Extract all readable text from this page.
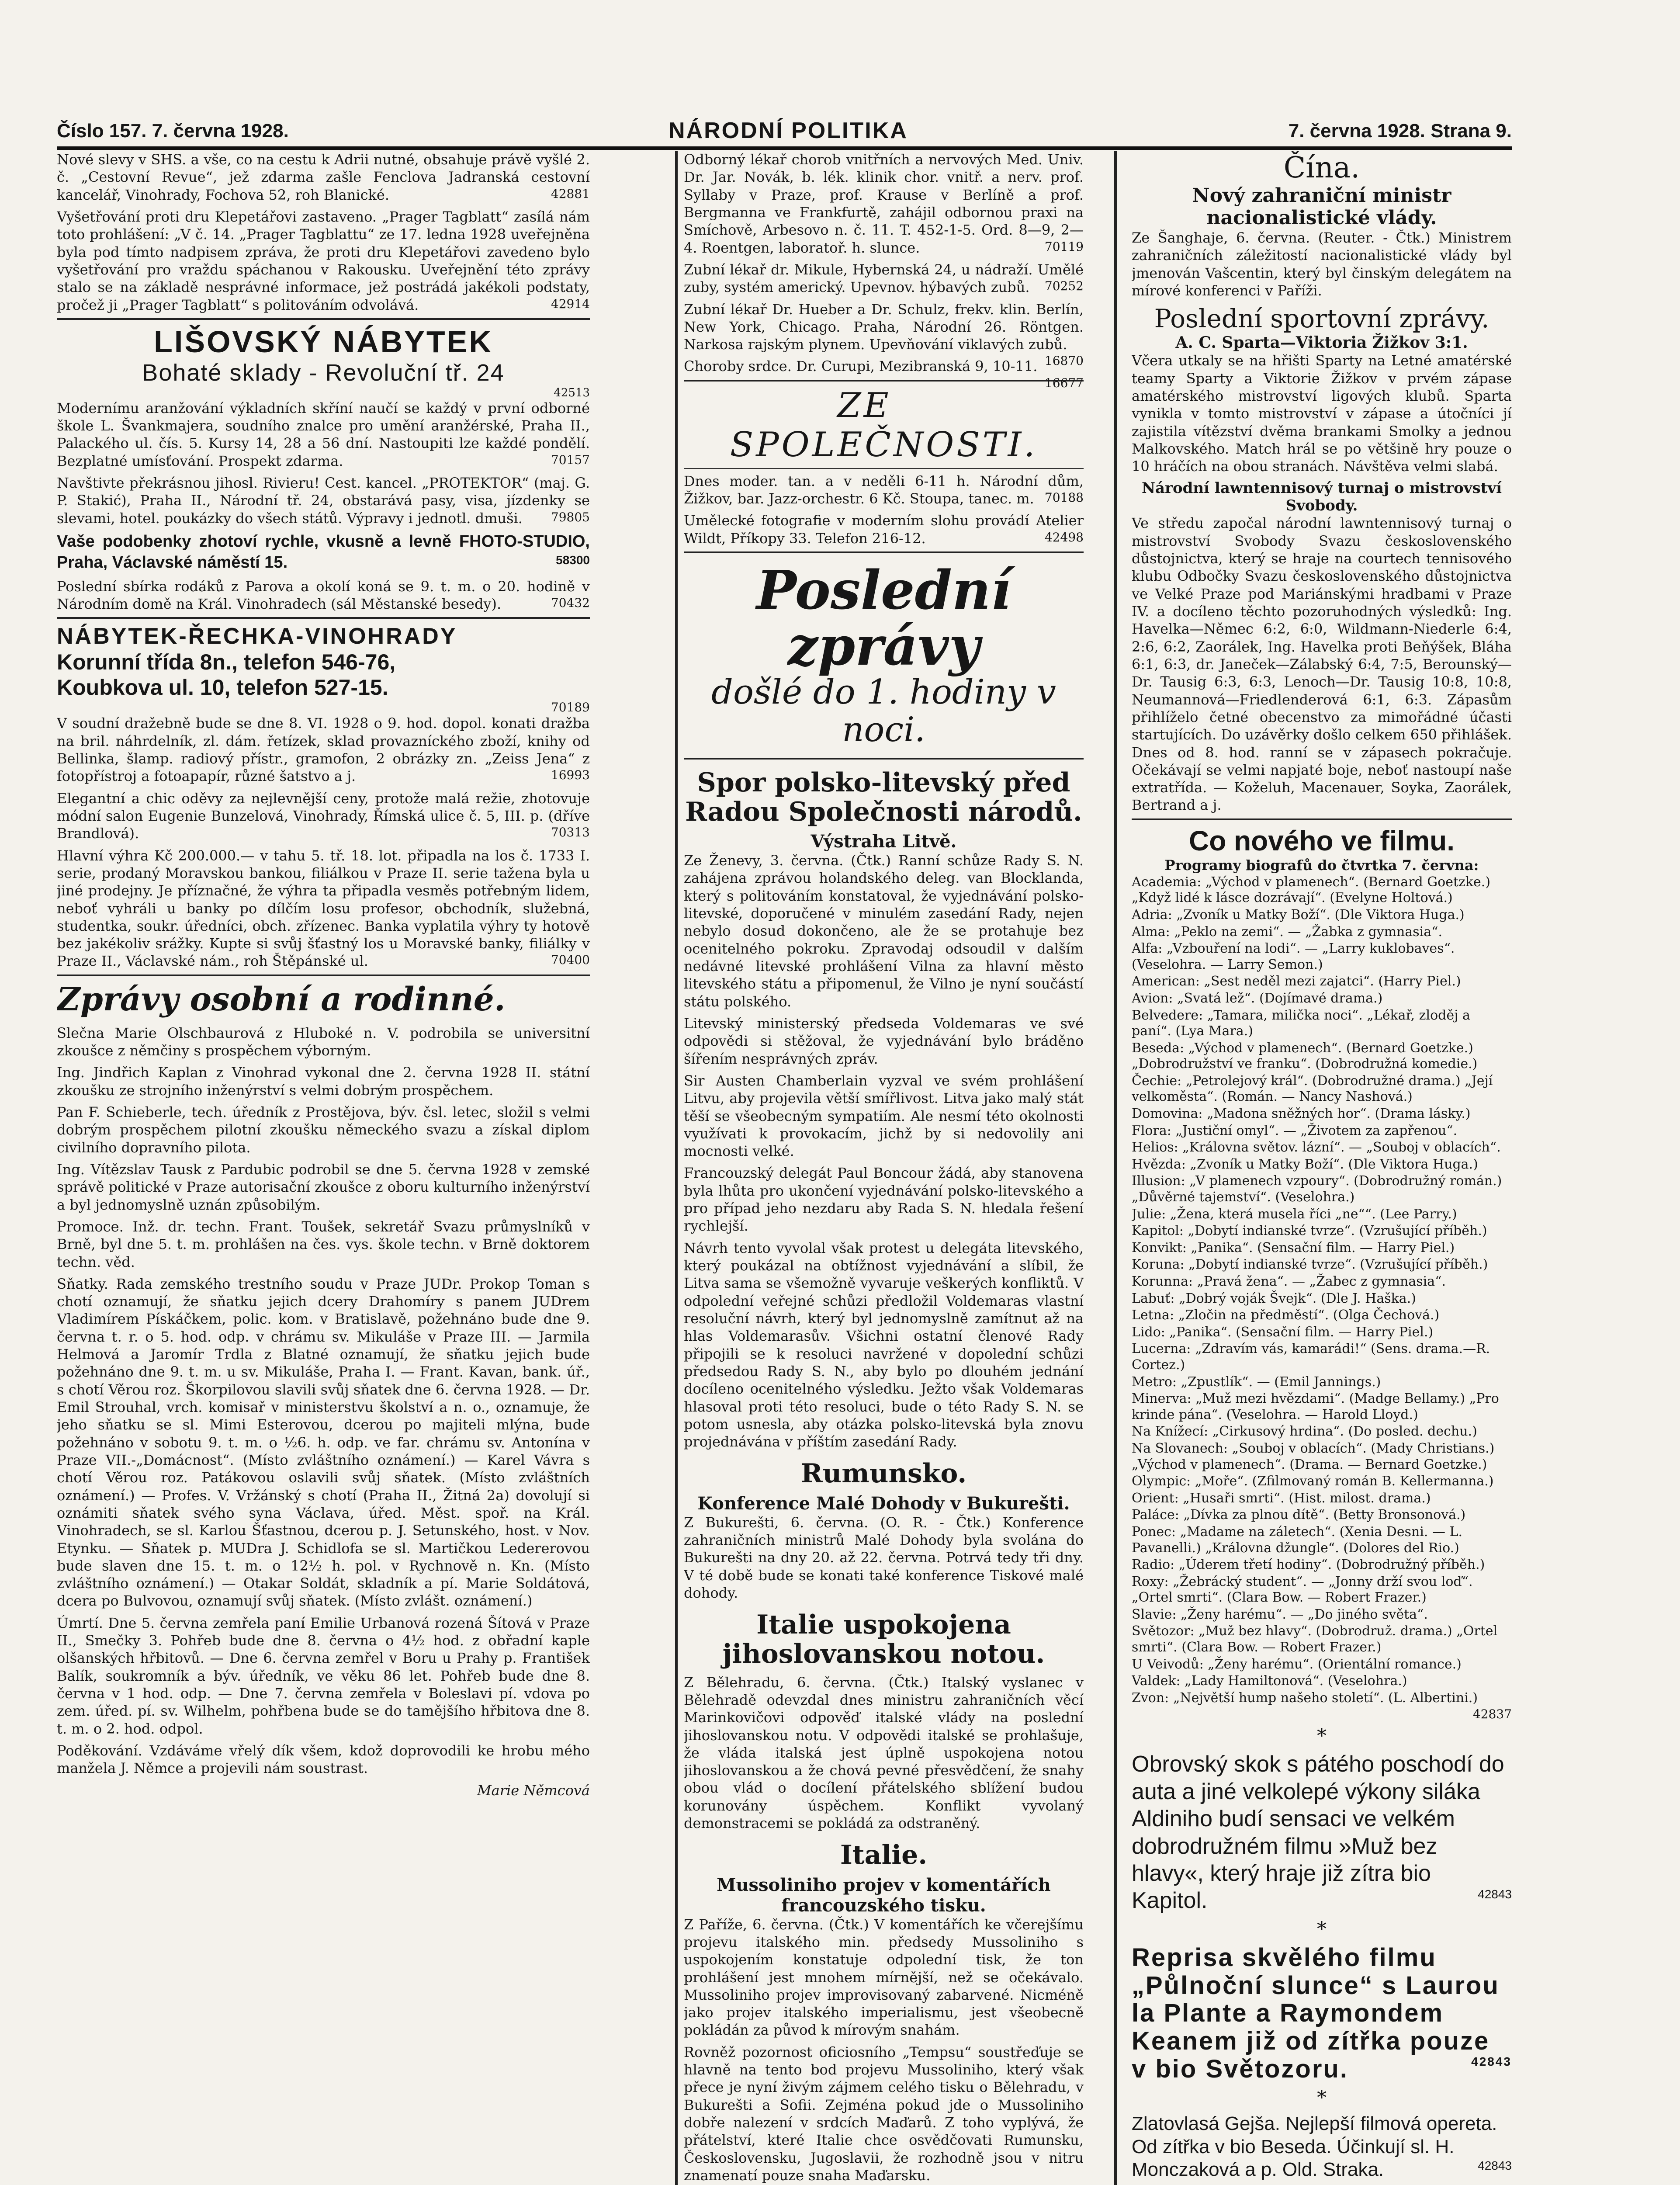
Číslo 157. 7. června 1928.	NÁRODNÍ POLITIKA	7. června 1928. Strana 9.
Nové slevy v SHS. a vše, co na cestu k Adrii nutné, obsahuje právě vyšlé 2. č. „Cestovní Revue“, jež zdarma zašle Fenclova Jadranská cestovní kancelář, Vinohrady, Fochova 52, roh Blanické.	42881
Vyšetřování proti dru Klepetářovi zastaveno. „Prager Tagblatt“ zasílá nám toto prohlášení: „V č. 14. „Prager Tagblattu“ ze 17. ledna 1928 uveřejněna byla pod tímto nadpisem zpráva, že proti dru Klepetářovi zavedeno bylo vyšetřování pro vraždu spáchanou v Rakousku. Uveřejnění této zprávy stalo se na základě nesprávné informace, jež postrádá jakékoli podstaty, pročež ji „Prager Tagblatt“ s politováním odvolává.	42914
LIŠOVSKÝ NÁBYTEK
Bohaté sklady - Revoluční tř. 24
42513
Modernímu aranžování výkladních skříní naučí se každý v první odborné škole L. Švankmajera, soudního znalce pro umění aranžérské, Praha II., Palackého ul. čís. 5. Kursy 14, 28 a 56 dní. Nastoupiti lze každé pondělí. Bezplatné umísťování. Prospekt zdarma.	70157
Navštivte překrásnou jihosl. Rivieru! Cest. kancel. „PROTEKTOR“ (maj. G. P. Stakić), Praha II., Národní tř. 24, obstarává pasy, visa, jízdenky se slevami, hotel. poukázky do všech států. Výpravy i jednotl. dmuši. 79805
Vaše podobenky zhotoví rychle, vkusně a levně FHOTO-STUDIO, Praha, Václavské náměstí 15.	58300
Poslední sbírka rodáků z Parova a okolí koná se 9. t. m. o 20. hodině v Národním domě na Král. Vinohradech (sál Městanské besedy).	70432
NÁBYTEK-ŘECHKA-VINOHRADY
Korunní třída 8n., telefon 546-76,
Koubkova ul. 10, telefon 527-15.
70189
V soudní dražebně bude se dne 8. VI. 1928 o 9. hod. dopol. konati dražba na bril. náhrdelník, zl. dám. řetízek, sklad provazníckého zboží, knihy od Bellinka, šlamp. radiový přístr., gramofon, 2 obrázky zn. „Zeiss Jena“ z fotopřístroj a fotoapapír, různé šatstvo a j.	16993
Elegantní a chic oděvy za nejlevnější ceny, protože malá režie, zhotovuje módní salon Eugenie Bunzelová, Vinohrady, Římská ulice č. 5, III. p. (dříve Brandlová).	70313
Hlavní výhra Kč 200.000.— v tahu 5. tř. 18. lot. připadla na los č. 1733 I. serie, prodaný Moravskou bankou, filiálkou v Praze II. serie tažena byla u jiné prodejny. Je příznačné, že výhra ta připadla vesměs potřebným lidem, neboť vyhráli u banky po dílčím losu profesor, obchodník, služebná, studentka, soukr. úředníci, obch. zřízenec. Banka vyplatila výhry ty hotově bez jakékoliv srážky. Kupte si svůj šťastný los u Moravské banky, filiálky v Praze II., Václavské nám., roh Štěpánské ul.	70400
Zprávy osobní a rodinné.
Slečna Marie Olschbaurová z Hluboké n. V. podrobila se universitní zkoušce z němčiny s prospěchem výborným.
Ing. Jindřich Kaplan z Vinohrad vykonal dne 2. června 1928 II. státní zkoušku ze strojního inženýrství s velmi dobrým prospěchem.
Pan F. Schieberle, tech. úředník z Prostějova, býv. čsl. letec, složil s velmi dobrým prospěchem pilotní zkoušku německého svazu a získal diplom civilního dopravního pilota.
Ing. Vítězslav Tausk z Pardubic podrobil se dne 5. června 1928 v zemské správě politické v Praze autorisační zkoušce z oboru kulturního inženýrství a byl jednomyslně uznán způsobilým.
Promoce. Inž. dr. techn. Frant. Toušek, sekretář Svazu průmyslníků v Brně, byl dne 5. t. m. prohlášen na čes. vys. škole techn. v Brně doktorem techn. věd.
Sňatky. Rada zemského trestního soudu v Praze JUDr. Prokop Toman s chotí oznamují, že sňatku jejich dcery Drahomíry s panem JUDrem Vladimírem Pískáčkem, polic. kom. v Bratislavě, požehnáno bude dne 9. června t. r. o 5. hod. odp. v chrámu sv. Mikuláše v Praze III. — Jarmila Helmová a Jaromír Trdla z Blatné oznamují, že sňatku jejich bude požehnáno dne 9. t. m. u sv. Mikuláše, Praha I. — Frant. Kavan, bank. úř., s chotí Věrou roz. Škorpilovou slavili svůj sňatek dne 6. června 1928. — Dr. Emil Strouhal, vrch. komisař v ministerstvu školství a n. o., oznamuje, že jeho sňatku se sl. Mimi Esterovou, dcerou po majiteli mlýna, bude požehnáno v sobotu 9. t. m. o ½6. h. odp. ve far. chrámu sv. Antonína v Praze VII.-„Domácnost“. (Místo zvláštního oznámení.) — Karel Vávra s chotí Věrou roz. Patákovou oslavili svůj sňatek. (Místo zvláštních oznámení.) — Profes. V. Vržánský s chotí (Praha II., Žitná 2a) dovolují si oznámiti sňatek svého syna Václava, úřed. Měst. spoř. na Král. Vinohradech, se sl. Karlou Šťastnou, dcerou p. J. Setunského, host. v Nov. Etynku. — Sňatek p. MUDra J. Schidlofa se sl. Martičkou Ledererovou bude slaven dne 15. t. m. o 12½ h. pol. v Rychnově n. Kn. (Místo zvláštního oznámení.) — Otakar Soldát, skladník a pí. Marie Soldátová, dcera po Bulvovou, oznamují svůj sňatek. (Místo zvlášt. oznámení.)
Úmrtí. Dne 5. června zemřela paní Emilie Urbanová rozená Šítová v Praze II., Smečky 3. Pohřeb bude dne 8. června o 4½ hod. z obřadní kaple olšanských hřbitovů. — Dne 6. června zemřel v Boru u Prahy p. František Balík, soukromník a býv. úředník, ve věku 86 let. Pohřeb bude dne 8. června v 1 hod. odp. — Dne 7. června zemřela v Boleslavi pí. vdova po zem. úřed. pí. sv. Wilhelm, pohřbena bude se do tamějšího hřbitova dne 8. t. m. o 2. hod. odpol.
Poděkování. Vzdáváme vřelý dík všem, kdož doprovodili ke hrobu mého manžela J. Němce a projevili nám soustrast.
Marie Němcová
Odborný lékař chorob vnitřních a nervových Med. Univ. Dr. Jar. Novák, b. lék. klinik chor. vnitř. a nerv. prof. Syllaby v Praze, prof. Krause v Berlíně a prof. Bergmanna ve Frankfurtě, zahájil odbornou praxi na Smíchově, Arbesovo n. č. 11. T. 452-1-5. Ord. 8—9, 2—4. Roentgen, laboratoř. h. slunce.	70119
Zubní lékař dr. Mikule, Hybernská 24, u nádraží. Umělé zuby, systém americký. Upevnov. hýbavých zubů. 70252
Zubní lékař Dr. Hueber a Dr. Schulz, frekv. klin. Berlín, New York, Chicago. Praha, Národní 26. Röntgen. Narkosa rajským plynem. Upevňování viklavých zubů.
16870
Choroby srdce. Dr. Curupi, Mezibranská 9, 10-11.
16677
ZE SPOLEČNOSTI.
Dnes moder. tan. a v neděli 6-11 h. Národní dům, Žižkov, bar. Jazz-orchestr. 6 Kč. Stoupa, tanec. m. 70188
Umělecké fotografie v moderním slohu provádí Atelier Wildt, Příkopy 33. Telefon 216-12.	42498
Poslední zprávy
došlé do 1. hodiny v noci.
Spor polsko-litevský před Radou Společnosti národů.
Výstraha Litvě.
Ze Ženevy, 3. června. (Čtk.) Ranní schůze Rady S. N. zahájena zprávou holandského deleg. van Blocklanda, který s politováním konstatoval, že vyjednávání polsko-litevské, doporučené v minulém zasedání Rady, nejen nebylo dosud dokončeno, ale že se protahuje bez ocenitelného pokroku. Zpravodaj odsoudil v dalším nedávné litevské prohlášení Vilna za hlavní město litevského státu a připomenul, že Vilno je nyní součástí státu polského.
Litevský ministerský předseda Voldemaras ve své odpovědi si stěžoval, že vyjednávání bylo bráděno šířením nesprávných zpráv.
Sir Austen Chamberlain vyzval ve svém prohlášení Litvu, aby projevila větší smířlivost. Litva jako malý stát těší se všeobecným sympatiím. Ale nesmí této okolnosti využívati k provokacím, jichž by si nedovolily ani mocnosti velké.
Francouzský delegát Paul Boncour žádá, aby stanovena byla lhůta pro ukončení vyjednávání polsko-litevského a pro případ jeho nezdaru aby Rada S. N. hledala řešení rychlejší.
Návrh tento vyvolal však protest u delegáta litevského, který poukázal na obtížnost vyjednávání a slíbil, že Litva sama se všemožně vyvaruje veškerých konfliktů. V odpolední veřejné schůzi předložil Voldemaras vlastní resoluční návrh, který byl jednomyslně zamítnut až na hlas Voldemarasův. Všichni ostatní členové Rady připojili se k resoluci navržené v dopolední schůzi předsedou Rady S. N., aby bylo po dlouhém jednání docíleno ocenitelného výsledku. Ježto však Voldemaras hlasoval proti této resoluci, bude o této Rady S. N. se potom usnesla, aby otázka polsko-litevská byla znovu projednávána v příštím zasedání Rady.
Rumunsko.
Konference Malé Dohody v Bukurešti.
Z Bukurešti, 6. června. (O. R. - Čtk.) Konference zahraničních ministrů Malé Dohody byla svolána do Bukurešti na dny 20. až 22. června. Potrvá tedy tři dny. V té době bude se konati také konference Tiskové malé dohody.
Italie uspokojena jihoslovanskou notou.
Z Bělehradu, 6. června. (Čtk.) Italský vyslanec v Bělehradě odevzdal dnes ministru zahraničních věcí Marinkovičovi odpověď italské vlády na poslední jihoslovanskou notu. V odpovědi italské se prohlašuje, že vláda italská jest úplně uspokojena notou jihoslovanskou a že chová pevné přesvědčení, že snahy obou vlád o docílení přátelského sblížení budou korunovány úspěchem. Konflikt vyvolaný demonstracemi se pokládá za odstraněný.
Italie.
Mussoliniho projev v komentářích francouzského tisku.
Z Paříže, 6. června. (Čtk.) V komentářích ke včerejšímu projevu italského min. předsedy Mussoliniho s uspokojením konstatuje odpolední tisk, že ton prohlášení jest mnohem mírnější, než se očekávalo. Mussoliniho projev improvisovaný zabarvené. Nicméně jako projev italského imperialismu, jest všeobecně pokládán za původ k mírovým snahám.
Rovněž pozornost oficiosního „Tempsu“ soustřeďuje se hlavně na tento bod projevu Mussoliniho, který však přece je nyní živým zájmem celého tisku o Bělehradu, v Bukurešti a Sofii. Zejména pokud jde o Mussoliniho dobře nalezení v srdcích Maďarů. Z toho vyplývá, že přátelství, které Italie chce osvědčovati Rumunsku, Československu, Jugoslavii, že rozhodně jsou v nitru znamenatí pouze snaha Maďarsku.
Čína.
Nový zahraniční ministr nacionalistické vlády.
Ze Šanghaje, 6. června. (Reuter. - Čtk.) Ministrem zahraničních záležitostí nacionalistické vlády byl jmenován Vašcentin, který byl činským delegátem na mírové konferenci v Paříži.
Poslední sportovní zprávy.
A. C. Sparta—Viktoria Žižkov 3:1.
Včera utkaly se na hřišti Sparty na Letné amatérské teamy Sparty a Viktorie Žižkov v prvém zápase amatérského mistrovství ligových klubů. Sparta vynikla v tomto mistrovství v zápase a útočníci jí zajistila vítězství dvěma brankami Smolky a jednou Malkovského. Match hrál se po většině hry pouze o 10 hráčích na obou stranách. Návštěva velmi slabá.
Národní lawntennisový turnaj o mistrovství Svobody.
Ve středu započal národní lawntennisový turnaj o mistrovství Svobody Svazu československého důstojnictva, který se hraje na courtech tennisového klubu Odbočky Svazu československého důstojnictva ve Velké Praze pod Mariánskými hradbami v Praze IV. a docíleno těchto pozoruhodných výsledků: Ing. Havelka—Němec 6:2, 6:0, Wildmann-Niederle 6:4, 2:6, 6:2, Zaorálek, Ing. Havelka proti Beňýšek, Bláha 6:1, 6:3, dr. Janeček—Zálabský 6:4, 7:5, Berounský—Dr. Tausig 6:3, 6:3, Lenoch—Dr. Tausig 10:8, 10:8, Neumannová—Friedlenderová 6:1, 6:3. Zápasům přihlíželo četné obecenstvo za mimořádné účasti startujících. Do uzávěrky došlo celkem 650 přihlášek. Dnes od 8. hod. ranní se v zápasech pokračuje. Očekávají se velmi napjaté boje, neboť nastoupí naše extratřída. — Koželuh, Macenauer, Soyka, Zaorálek, Bertrand a j.
Co nového ve filmu.
Programy biografů do čtvrtka 7. června:
Academia: „Východ v plamenech“. (Bernard Goetzke.) „Když lidé k lásce dozrávají“. (Evelyne Holtová.)
Adria: „Zvoník u Matky Boží“. (Dle Viktora Huga.)
Alma: „Peklo na zemi“. — „Žabka z gymnasia“.
Alfa: „Vzbouření na lodi“. — „Larry kuklobaves“. (Veselohra. — Larry Semon.)
American: „Sest neděl mezi zajatci“. (Harry Piel.)
Avion: „Svatá lež“. (Dojímavé drama.)
Belvedere: „Tamara, milička noci“. „Lékař, zloděj a paní“. (Lya Mara.)
Beseda: „Východ v plamenech“. (Bernard Goetzke.) „Dobrodružství ve franku“. (Dobrodružná komedie.)
Čechie: „Petrolejový král“. (Dobrodružné drama.) „Její velkoměsta“. (Román. — Nancy Nashová.)
Domovina: „Madona sněžných hor“. (Drama lásky.)
Flora: „Justiční omyl“. — „Životem za zapřenou“.
Helios: „Královna světov. lázní“. — „Souboj v oblacích“.
Hvězda: „Zvoník u Matky Boží“. (Dle Viktora Huga.)
Illusion: „V plamenech vzpoury“. (Dobrodružný román.) „Důvěrné tajemství“. (Veselohra.)
Julie: „Žena, která musela říci „ne““. (Lee Parry.)
Kapitol: „Dobytí indianské tvrze“. (Vzrušující příběh.)
Konvikt: „Panika“. (Sensační film. — Harry Piel.)
Koruna: „Dobytí indianské tvrze“. (Vzrušující příběh.)
Korunna: „Pravá žena“. — „Žabec z gymnasia“.
Labuť: „Dobrý voják Švejk“. (Dle J. Haška.)
Letna: „Zločin na předměstí“. (Olga Čechová.)
Lido: „Panika“. (Sensační film. — Harry Piel.)
Lucerna: „Zdravím vás, kamarádi!“ (Sens. drama.—R. Cortez.)
Metro: „Zpustlík“. — (Emil Jannings.)
Minerva: „Muž mezi hvězdami“. (Madge Bellamy.) „Pro krinde pána“. (Veselohra. — Harold Lloyd.)
Na Knížecí: „Cirkusový hrdina“. (Do posled. dechu.)
Na Slovanech: „Souboj v oblacích“. (Mady Christians.) „Východ v plamenech“. (Drama. — Bernard Goetzke.)
Olympic: „Moře“. (Zfilmovaný román B. Kellermanna.)
Orient: „Husaři smrti“. (Hist. milost. drama.)
Paláce: „Dívka za plnou dítě“. (Betty Bronsonová.)
Ponec: „Madame na záletech“. (Xenia Desni. — L. Pavanelli.) „Královna džungle“. (Dolores del Rio.)
Radio: „Úderem třetí hodiny“. (Dobrodružný příběh.)
Roxy: „Žebrácký student“. — „Jonny drží svou loď“. „Ortel smrti“. (Clara Bow. — Robert Frazer.)
Slavie: „Ženy harému“. — „Do jiného světa“.
Světozor: „Muž bez hlavy“. (Dobrodruž. drama.) „Ortel smrti“. (Clara Bow. — Robert Frazer.)
U Veivodů: „Ženy harému“. (Orientální romance.)
Valdek: „Lady Hamiltonová“. (Veselohra.)
Zvon: „Největší hump našeho století“. (L. Albertini.)
42837
*
Obrovský skok s pátého poschodí do auta a jiné velkolepé výkony siláka Aldiniho budí sensaci ve velkém dobrodružném filmu »Muž bez hlavy«, který hraje již zítra bio Kapitol.	42843
*
Reprisa skvělého filmu „Půlnoční slunce“ s Laurou la Plante a Raymondem Keanem již od zítřka pouze v bio Světozoru.	42843
*
Zlatovlasá Gejša. Nejlepší filmová opereta. Od zítřka v bio Beseda. Účinkují sl. H. Monczaková a p. Old. Straka.	42843
